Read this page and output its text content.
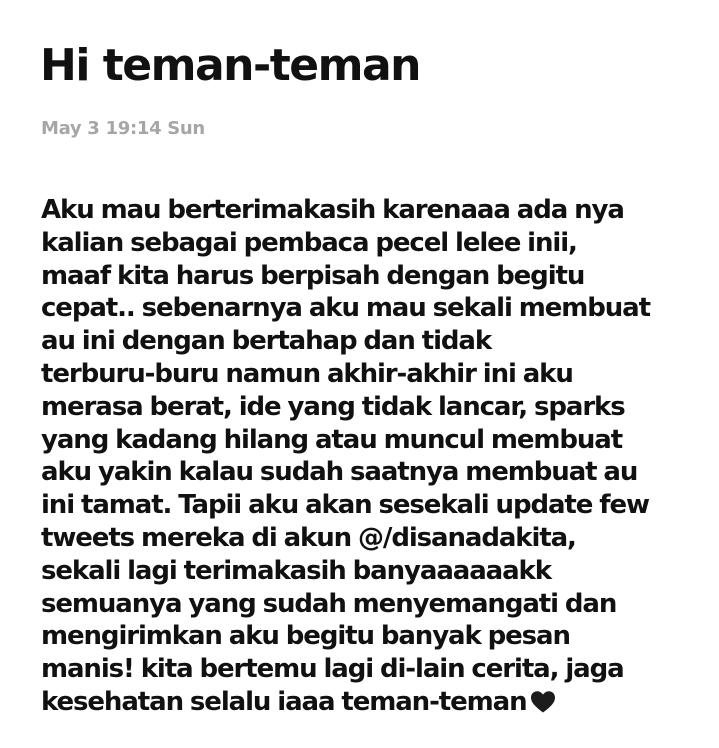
Hi teman-teman
May 3 19:14 Sun
Aku mau berterimakasih karenaaa ada nya
kalian sebagai pembaca pecel lelee inii,
maaf kita harus berpisah dengan begitu
cepat.. sebenarnya aku mau sekali membuat
au ini dengan bertahap dan tidak
terburu-buru namun akhir-akhir ini aku
merasa berat, ide yang tidak lancar, sparks
yang kadang hilang atau muncul membuat
aku yakin kalau sudah saatnya membuat au
ini tamat. Tapii aku akan sesekali update few
tweets mereka di akun @/disanadakita,
sekali lagi terimakasih banyaaaaaakk
semuanya yang sudah menyemangati dan
mengirimkan aku begitu banyak pesan
manis! kita bertemu lagi di-lain cerita, jaga
kesehatan selalu iaaa teman-teman
